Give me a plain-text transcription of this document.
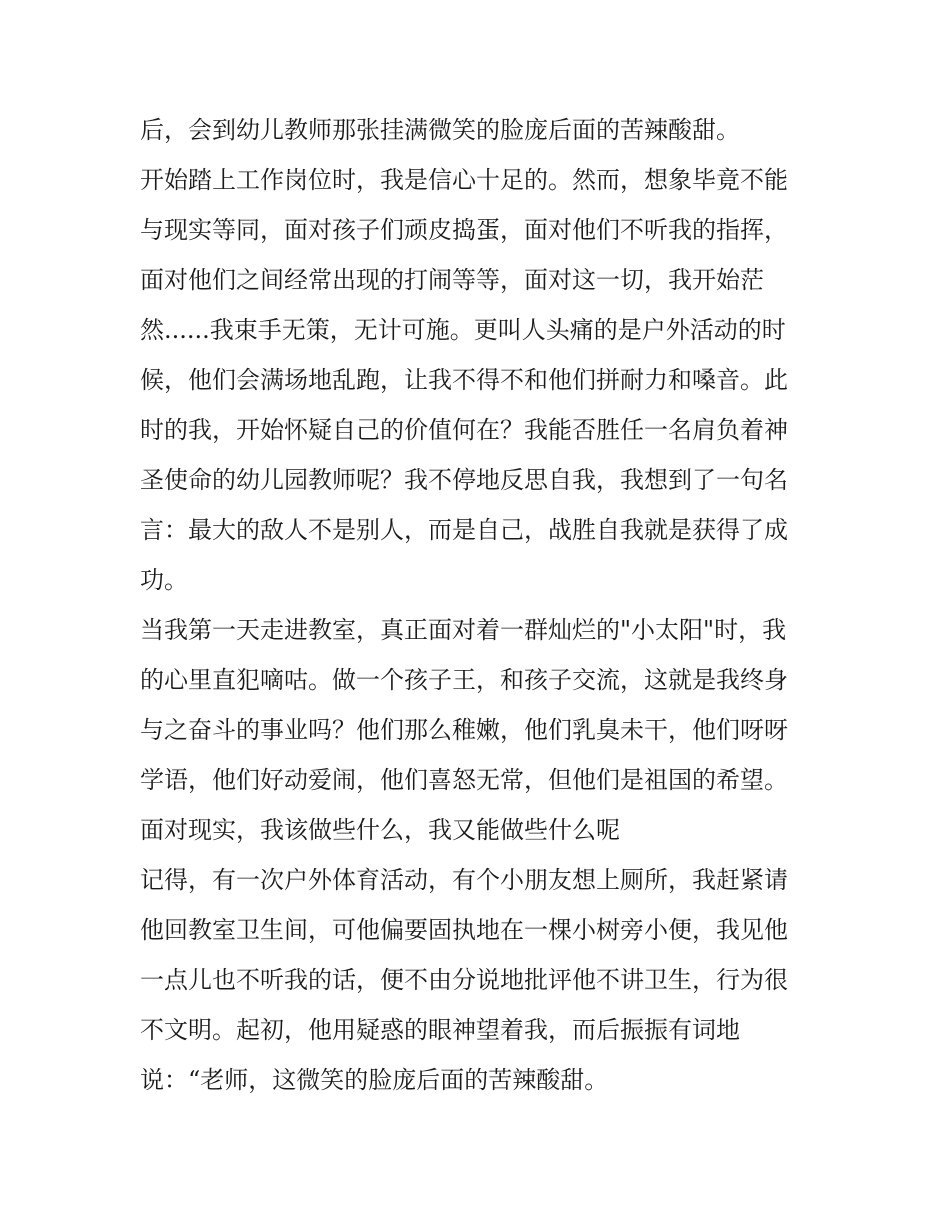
后，会到幼儿教师那张挂满微笑的脸庞后面的苦辣酸甜。
开始踏上工作岗位时，我是信心十足的。然而，想象毕竟不能
与现实等同，面对孩子们顽皮捣蛋，面对他们不听我的指挥，
面对他们之间经常出现的打闹等等，面对这一切，我开始茫
然......我束手无策，无计可施。更叫人头痛的是户外活动的时
候，他们会满场地乱跑，让我不得不和他们拼耐力和嗓音。此
时的我，开始怀疑自己的价值何在？我能否胜任一名肩负着神
圣使命的幼儿园教师呢？我不停地反思自我，我想到了一句名
言：最大的敌人不是别人，而是自己，战胜自我就是获得了成
功。
当我第一天走进教室，真正面对着一群灿烂的"小太阳"时，我
的心里直犯嘀咕。做一个孩子王，和孩子交流，这就是我终身
与之奋斗的事业吗？他们那么稚嫩，他们乳臭未干，他们呀呀
学语，他们好动爱闹，他们喜怒无常，但他们是祖国的希望。
面对现实，我该做些什么，我又能做些什么呢
记得，有一次户外体育活动，有个小朋友想上厕所，我赶紧请
他回教室卫生间，可他偏要固执地在一棵小树旁小便，我见他
一点儿也不听我的话，便不由分说地批评他不讲卫生，行为很
不文明。起初，他用疑惑的眼神望着我，而后振振有词地
说：“老师，这微笑的脸庞后面的苦辣酸甜。
